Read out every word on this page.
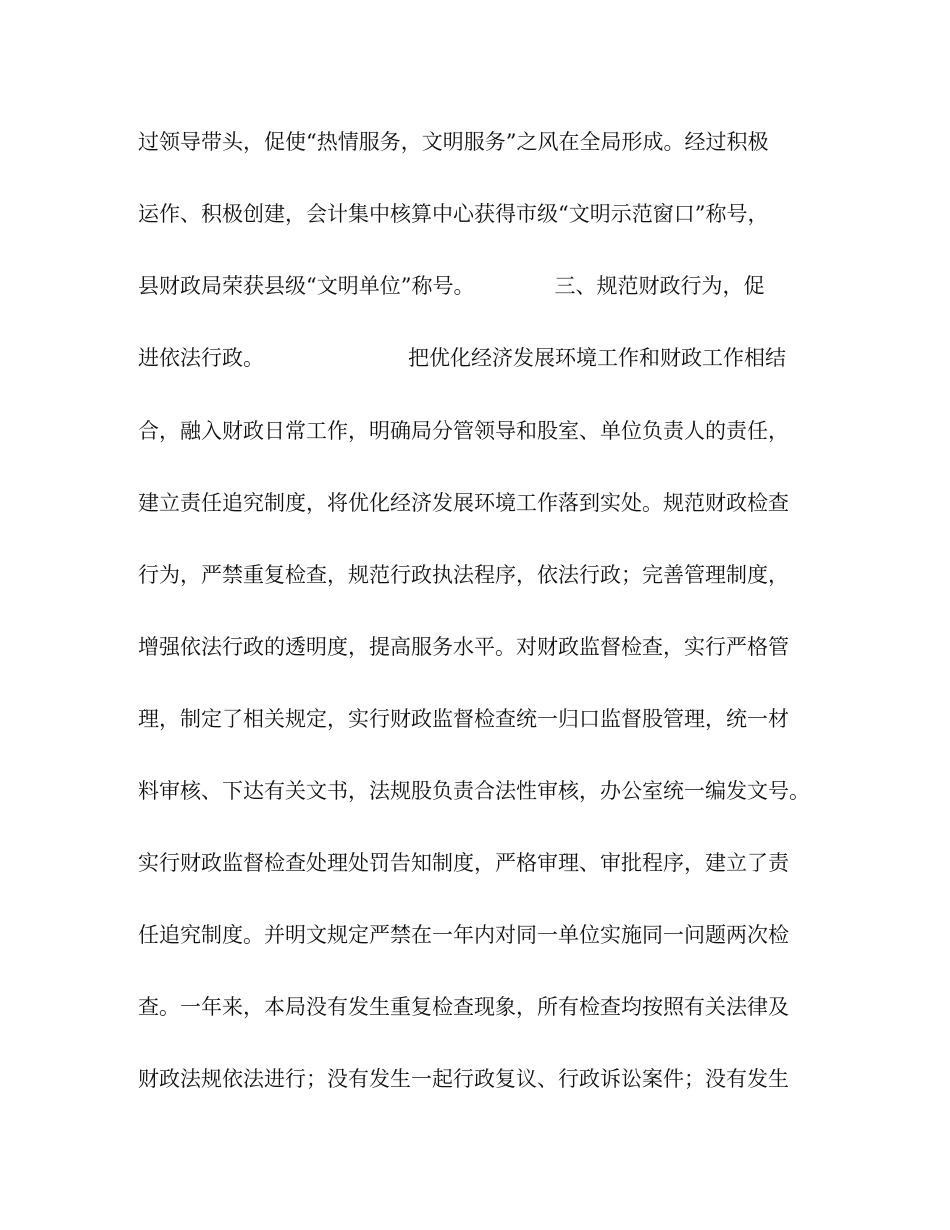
过领导带头，促使“热情服务，文明服务”之风在全局形成。经过积极
运作、积极创建，会计集中核算中心获得市级“文明示范窗口”称号，
县财政局荣获县级“文明单位”称号。	三、规范财政行为，促
进依法行政。	把优化经济发展环境工作和财政工作相结
合，融入财政日常工作，明确局分管领导和股室、单位负责人的责任，
建立责任追究制度，将优化经济发展环境工作落到实处。规范财政检查
行为，严禁重复检查，规范行政执法程序，依法行政；完善管理制度，
增强依法行政的透明度，提高服务水平。对财政监督检查，实行严格管
理，制定了相关规定，实行财政监督检查统一归口监督股管理，统一材
料审核、下达有关文书，法规股负责合法性审核，办公室统一编发文号。
实行财政监督检查处理处罚告知制度，严格审理、审批程序，建立了责
任追究制度。并明文规定严禁在一年内对同一单位实施同一问题两次检
查。一年来，本局没有发生重复检查现象，所有检查均按照有关法律及
财政法规依法进行；没有发生一起行政复议、行政诉讼案件；没有发生
